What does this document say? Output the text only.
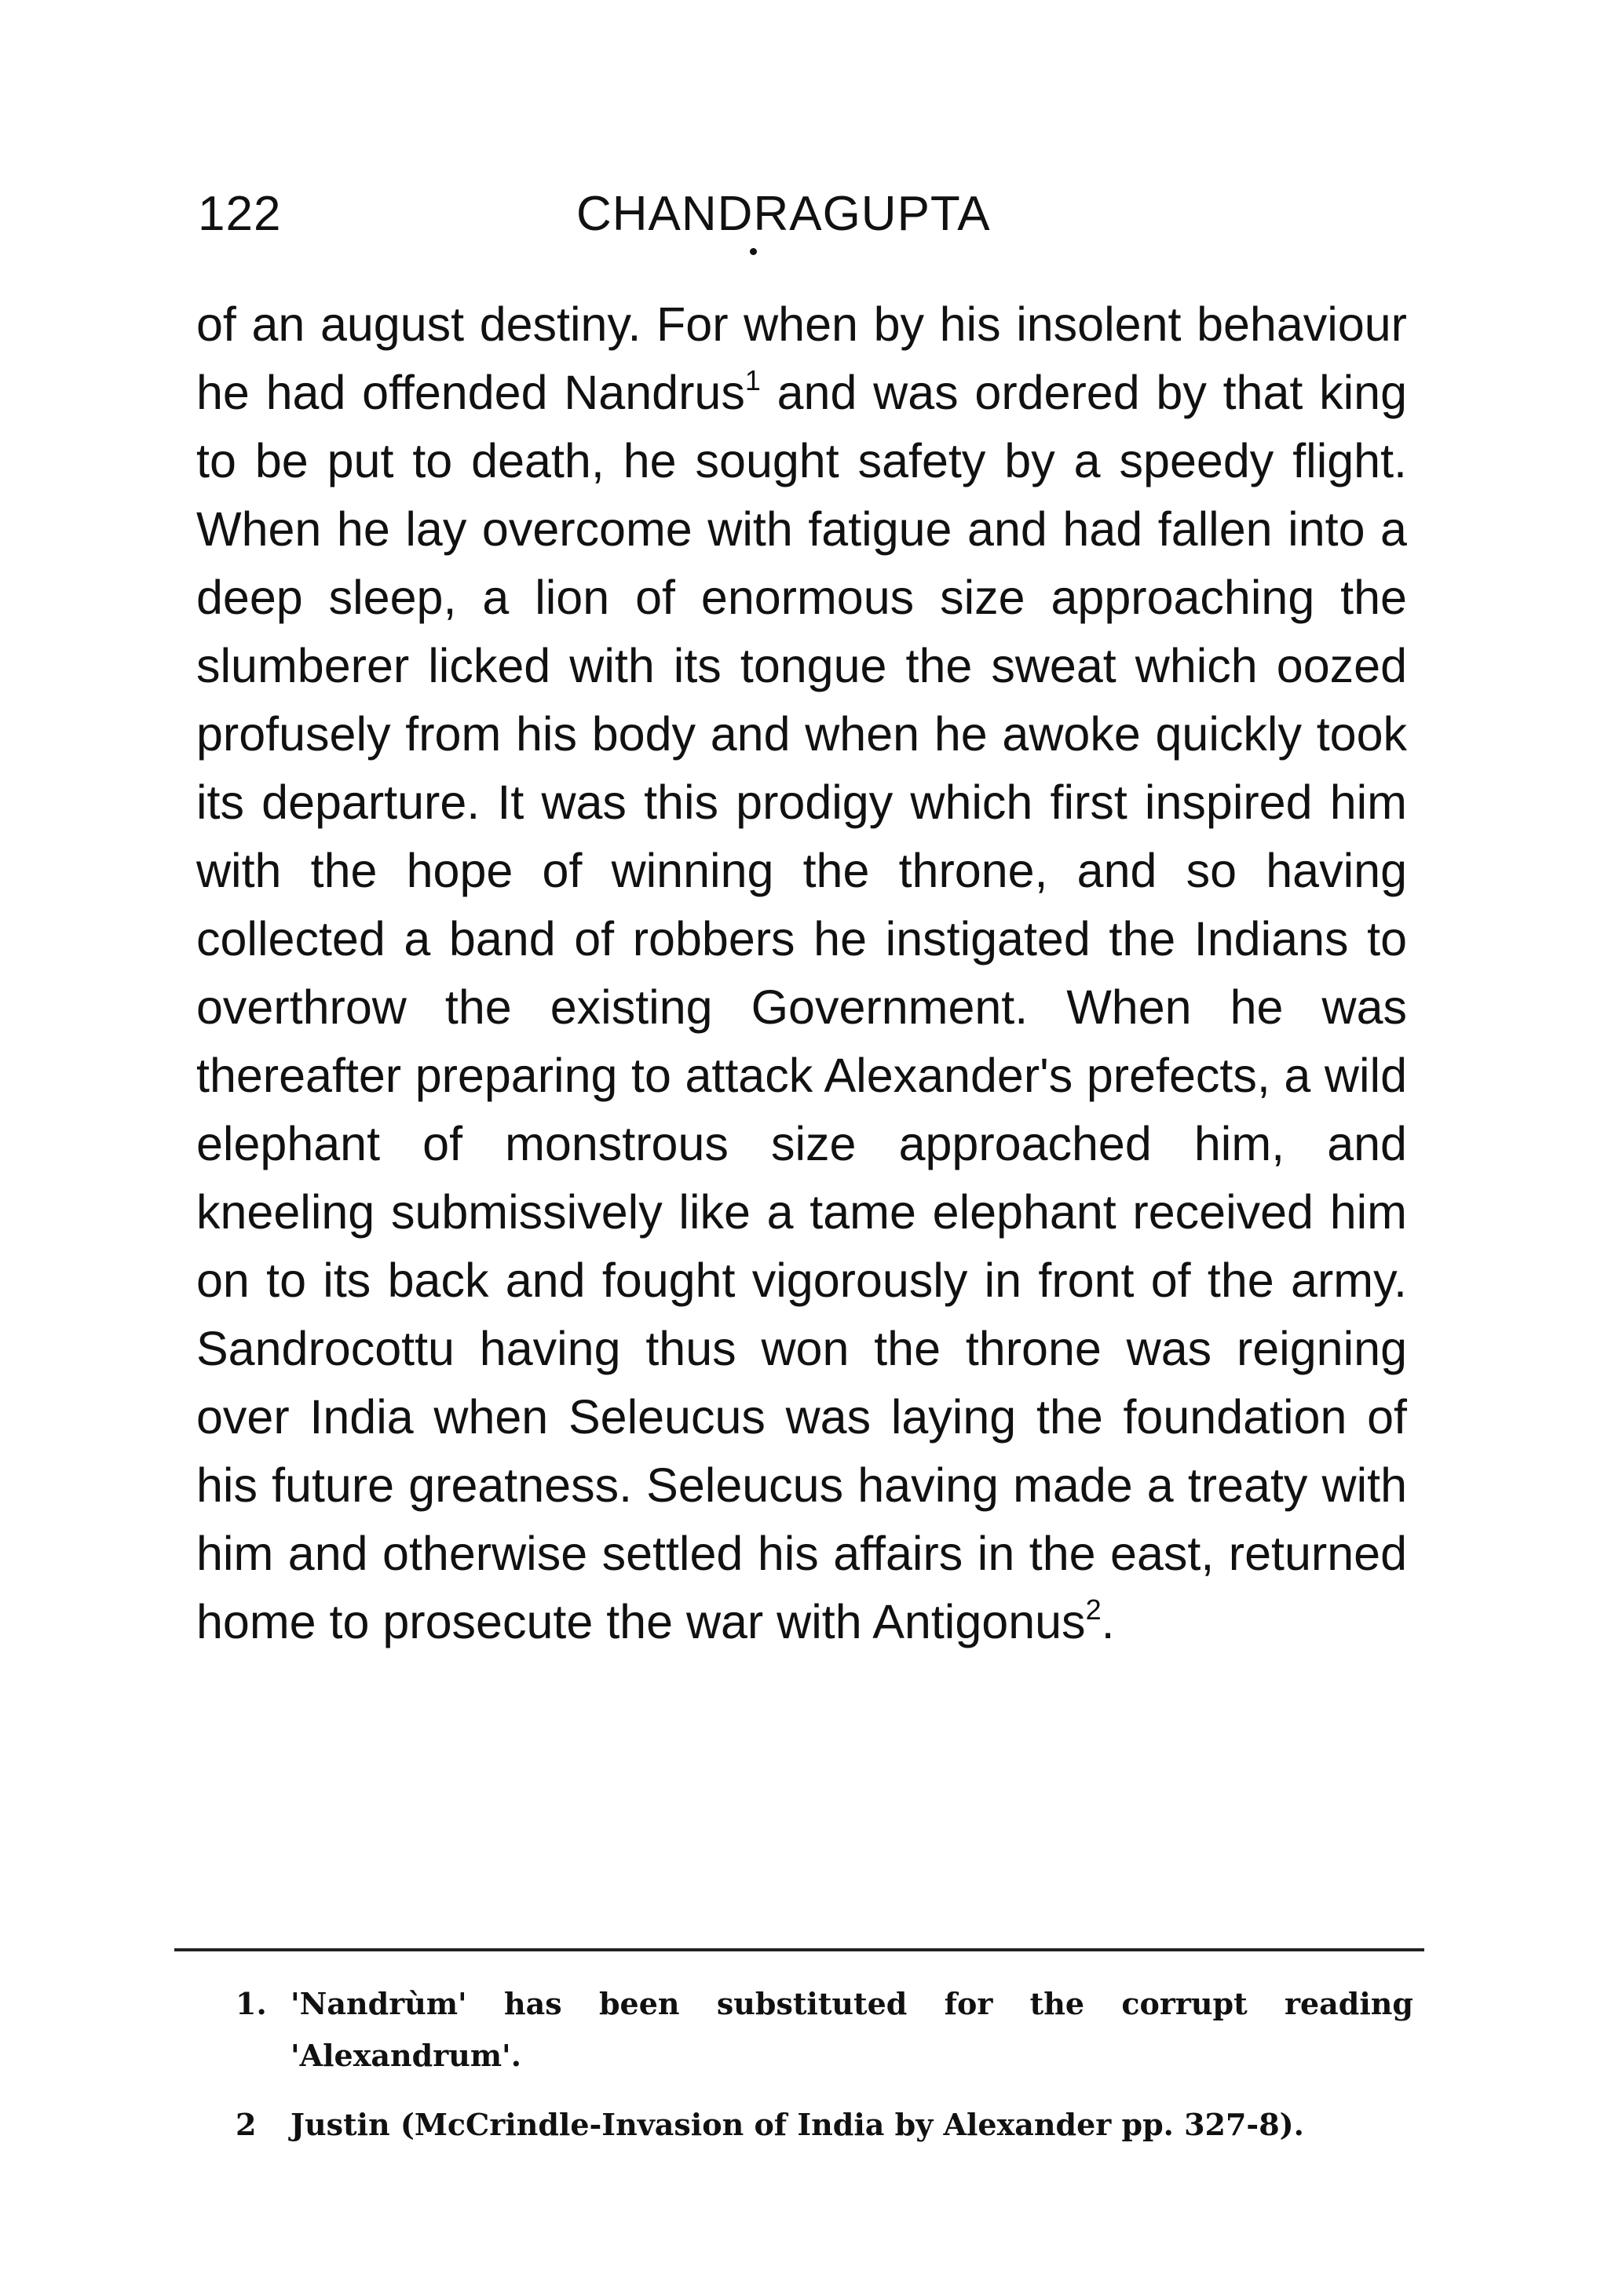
122	CHANDRAGUPTA

of an august destiny. For when by his insolent behaviour he had offended Nandrus$^1$ and was ordered by that king to be put to death, he sought safety by a speedy flight. When he lay overcome with fatigue and had fallen into a deep sleep, a lion of enormous size approaching the slumberer licked with its tongue the sweat which oozed profusely from his body and when he awoke quickly took its departure. It was this prodigy which first inspired him with the hope of winning the throne, and so having collected a band of robbers he instigated the Indians to overthrow the existing Government. When he was thereafter preparing to attack Alexander's prefects, a wild elephant of monstrous size approached him, and kneeling submissively like a tame elephant received him on to its back and fought vigorously in front of the army. Sandrocottu having thus won the throne was reigning over India when Seleucus was laying the foundation of his future greatness. Seleucus having made a treaty with him and otherwise settled his affairs in the east, returned home to prosecute the war with Antigonus$^2$.

1. 'Nandrùm' has been substituted for the corrupt reading 'Alexandrum'.
2 Justin (McCrindle-Invasion of India by Alexander pp. 327-8).
